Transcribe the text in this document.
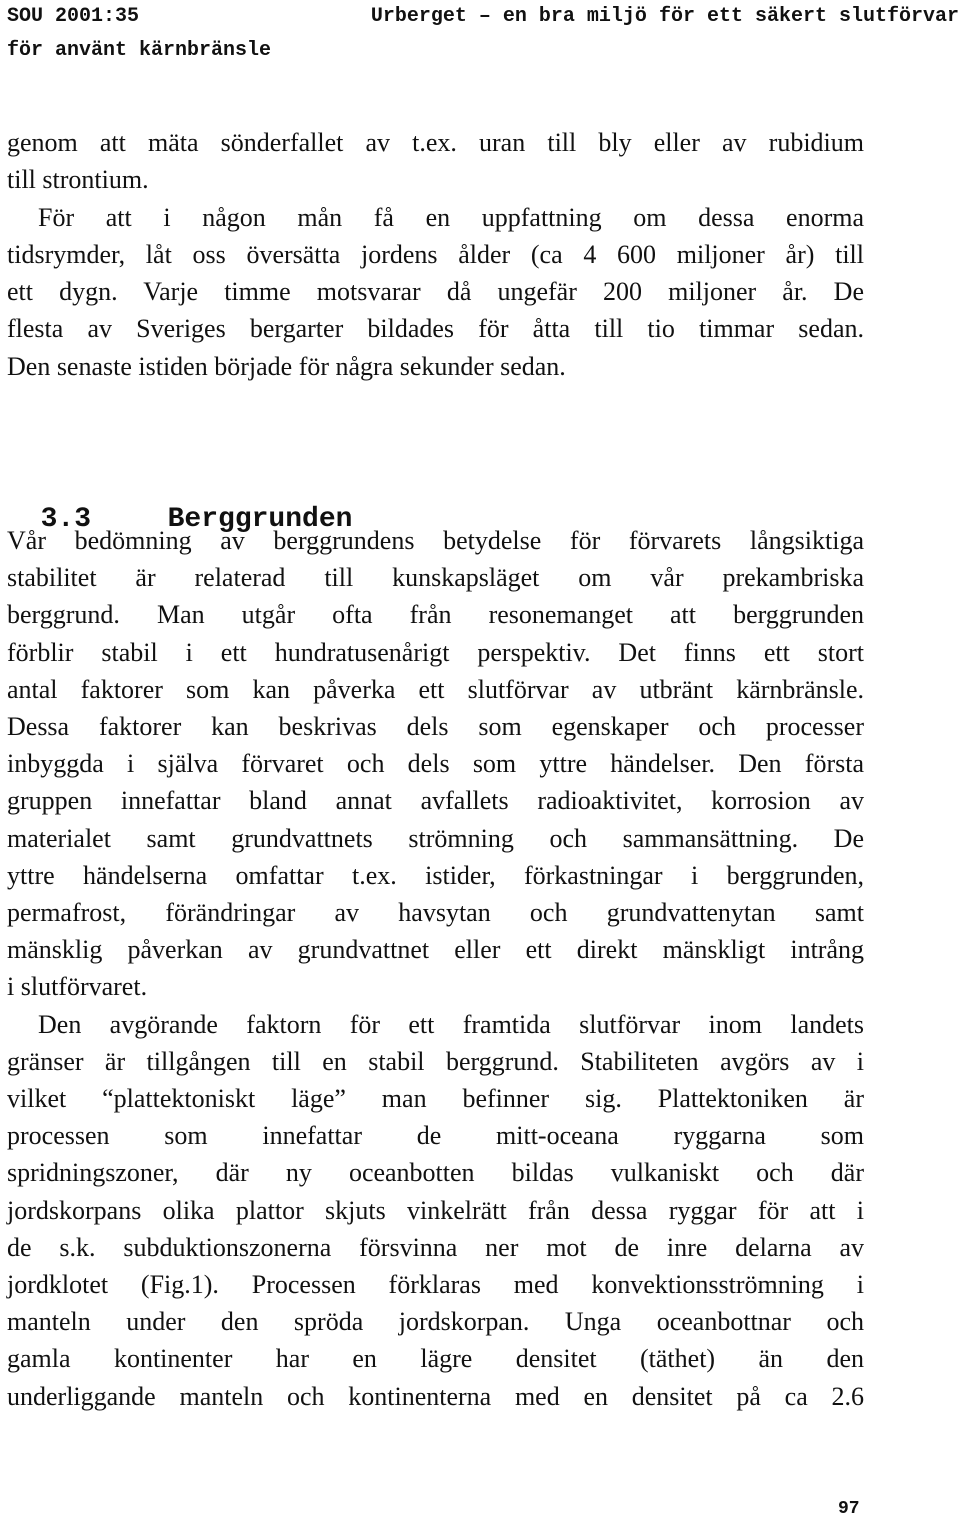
SOU 2001:35	Urberget – en bra miljö för ett säkert slutförvar
för använt kärnbränsle

genom att mäta sönderfallet av t.ex. uran till bly eller av rubidium
till strontium.

För att i någon mån få en uppfattning om dessa enorma
tidsrymder, låt oss översätta jordens ålder (ca 4 600 miljoner år) till
ett dygn. Varje timme motsvarar då ungefär 200 miljoner år. De
flesta av Sveriges bergarter bildades för åtta till tio timmar sedan.
Den senaste istiden började för några sekunder sedan.

3.3	Berggrunden

Vår bedömning av berggrundens betydelse för förvarets långsiktiga
stabilitet är relaterad till kunskapsläget om vår prekambriska
berggrund. Man utgår ofta från resonemanget att berggrunden
förblir stabil i ett hundratusenårigt perspektiv. Det finns ett stort
antal faktorer som kan påverka ett slutförvar av utbränt kärnbränsle.
Dessa faktorer kan beskrivas dels som egenskaper och processer
inbyggda i själva förvaret och dels som yttre händelser. Den första
gruppen innefattar bland annat avfallets radioaktivitet, korrosion av
materialet samt grundvattnets strömning och sammansättning. De
yttre händelserna omfattar t.ex. istider, förkastningar i berggrunden,
permafrost, förändringar av havsytan och grundvattenytan samt
mänsklig påverkan av grundvattnet eller ett direkt mänskligt intrång
i slutförvaret.

Den avgörande faktorn för ett framtida slutförvar inom landets
gränser är tillgången till en stabil berggrund. Stabiliteten avgörs av i
vilket “plattektoniskt läge” man befinner sig. Plattektoniken är
processen som innefattar de mitt-oceana ryggarna som
spridningszoner, där ny oceanbotten bildas vulkaniskt och där
jordskorpans olika plattor skjuts vinkelrätt från dessa ryggar för att i
de s.k. subduktionszonerna försvinna ner mot de inre delarna av
jordklotet (Fig.1). Processen förklaras med konvektionsströmning i
manteln under den spröda jordskorpan. Unga oceanbottnar och
gamla kontinenter har en lägre densitet (täthet) än den
underliggande manteln och kontinenterna med en densitet på ca 2.6

97
